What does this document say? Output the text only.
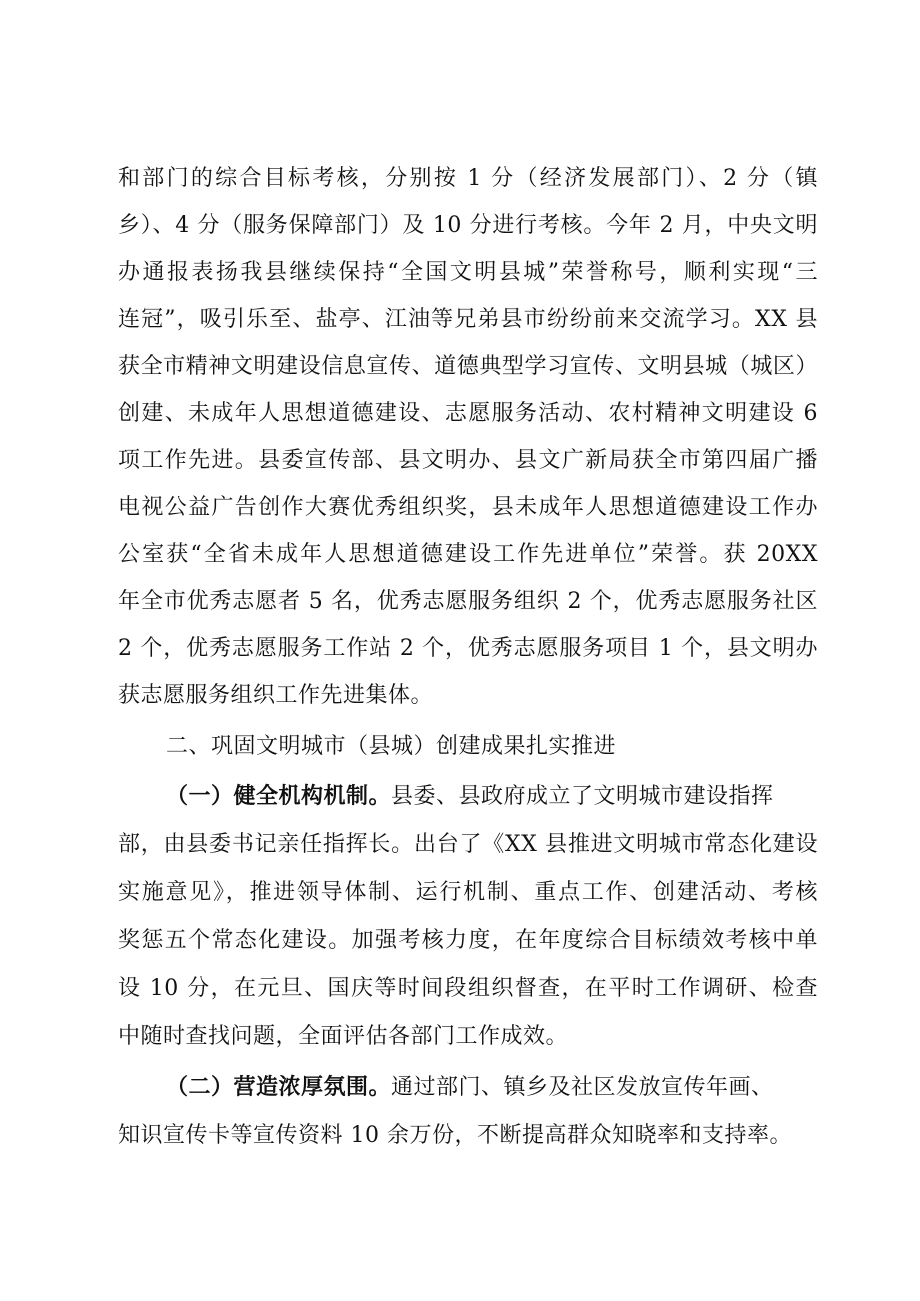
和部门的综合目标考核，分别按 1 分（经济发展部门）、2 分（镇
乡）、4 分（服务保障部门）及 10 分进行考核。今年 2 月，中央文明
办通报表扬我县继续保持“全国文明县城”荣誉称号，顺利实现“三
连冠”，吸引乐至、盐亭、江油等兄弟县市纷纷前来交流学习。XX 县
获全市精神文明建设信息宣传、道德典型学习宣传、文明县城（城区）
创建、未成年人思想道德建设、志愿服务活动、农村精神文明建设 6
项工作先进。县委宣传部、县文明办、县文广新局获全市第四届广播
电视公益广告创作大赛优秀组织奖，县未成年人思想道德建设工作办
公室获“全省未成年人思想道德建设工作先进单位”荣誉。获 20XX
年全市优秀志愿者 5 名，优秀志愿服务组织 2 个，优秀志愿服务社区
2 个，优秀志愿服务工作站 2 个，优秀志愿服务项目 1 个，县文明办
获志愿服务组织工作先进集体。
二、巩固文明城市（县城）创建成果扎实推进
（一）健全机构机制。县委、县政府成立了文明城市建设指挥
部，由县委书记亲任指挥长。出台了《XX 县推进文明城市常态化建设
实施意见》，推进领导体制、运行机制、重点工作、创建活动、考核
奖惩五个常态化建设。加强考核力度，在年度综合目标绩效考核中单
设 10 分，在元旦、国庆等时间段组织督查，在平时工作调研、检查
中随时查找问题，全面评估各部门工作成效。
（二）营造浓厚氛围。通过部门、镇乡及社区发放宣传年画、
知识宣传卡等宣传资料 10 余万份，不断提高群众知晓率和支持率。
